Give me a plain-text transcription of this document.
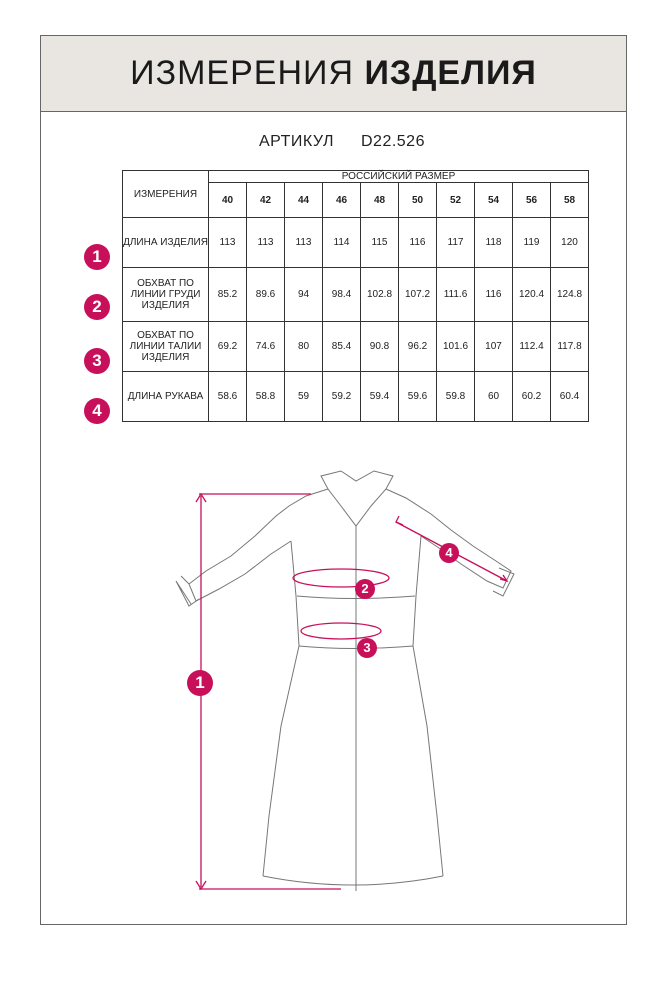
ИЗМЕРЕНИЯ ИЗДЕЛИЯ
АРТИКУЛ D22.526
ИЗМЕРЕНИЯ	РОССИЙСКИЙ РАЗМЕР									
	40	42	44	46	48	50	52	54	56	58
ДЛИНА ИЗДЕЛИЯ	113	113	113	114	115	116	117	118	119	120
ОБХВАТ ПО ЛИНИИ ГРУДИ ИЗДЕЛИЯ	85.2	89.6	94	98.4	102.8	107.2	111.6	116	120.4	124.8
ОБХВАТ ПО ЛИНИИ ТАЛИИ ИЗДЕЛИЯ	69.2	74.6	80	85.4	90.8	96.2	101.6	107	112.4	117.8
ДЛИНА РУКАВА	58.6	58.8	59	59.2	59.4	59.6	59.8	60	60.2	60.4
1
2
3
4
1
2
3
4
